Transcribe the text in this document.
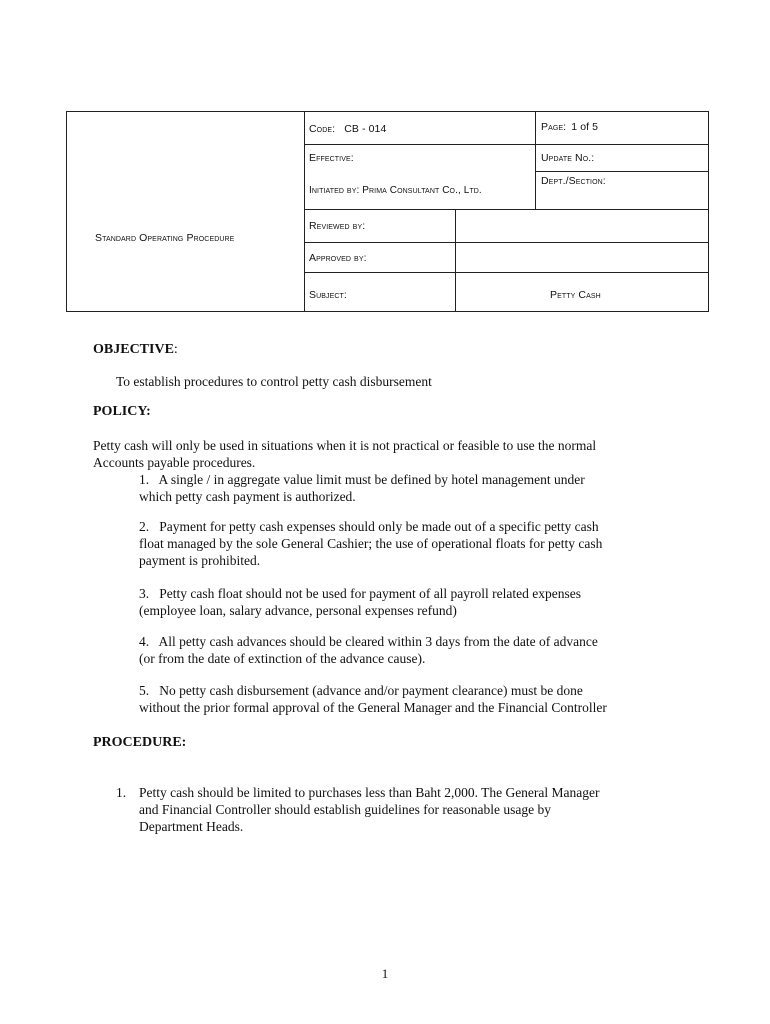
Standard Operating Procedure
Code: CB - 014	Page: 1 of 5
Effective:	Update No.:
Dept./Section:
Initiated by: Prima Consultant Co., Ltd.
Reviewed by:
Approved by:
Subject:	Petty Cash
OBJECTIVE:
To establish procedures to control petty cash disbursement
POLICY:
Petty cash will only be used in situations when it is not practical or feasible to use the normal
Accounts payable procedures.
1. A single / in aggregate value limit must be defined by hotel management under
which petty cash payment is authorized.
2. Payment for petty cash expenses should only be made out of a specific petty cash
float managed by the sole General Cashier; the use of operational floats for petty cash
payment is prohibited.
3. Petty cash float should not be used for payment of all payroll related expenses
(employee loan, salary advance, personal expenses refund)
4. All petty cash advances should be cleared within 3 days from the date of advance
(or from the date of extinction of the advance cause).
5. No petty cash disbursement (advance and/or payment clearance) must be done
without the prior formal approval of the General Manager and the Financial Controller
PROCEDURE:
1. Petty cash should be limited to purchases less than Baht 2,000. The General Manager
and Financial Controller should establish guidelines for reasonable usage by
Department Heads.
1
